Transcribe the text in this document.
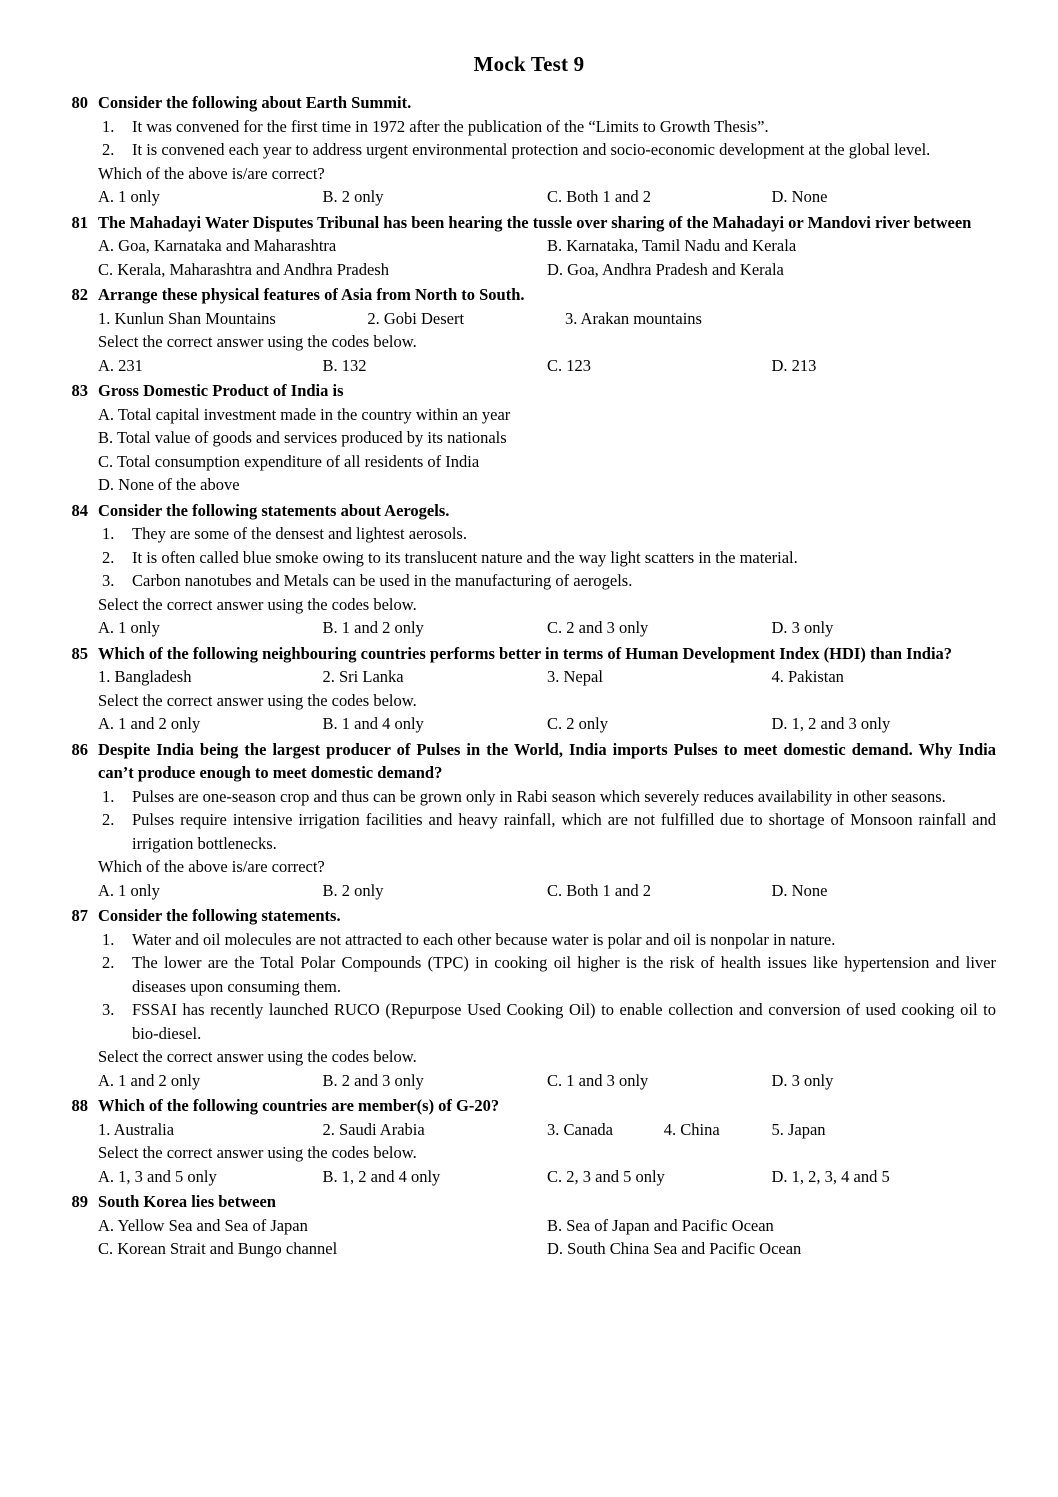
Mock Test 9
80 Consider the following about Earth Summit.
1.	It was convened for the first time in 1972 after the publication of the “Limits to Growth Thesis”.
2.	It is convened each year to address urgent environmental protection and socio-economic development at the global level.
Which of the above is/are correct?
A. 1 only	B. 2 only	C. Both 1 and 2	D. None
81 The Mahadayi Water Disputes Tribunal has been hearing the tussle over sharing of the Mahadayi or Mandovi river between
A. Goa, Karnataka and Maharashtra	B. Karnataka, Tamil Nadu and Kerala
C. Kerala, Maharashtra and Andhra Pradesh	D. Goa, Andhra Pradesh and Kerala
82 Arrange these physical features of Asia from North to South.
1. Kunlun Shan Mountains	2. Gobi Desert	3. Arakan mountains
Select the correct answer using the codes below.
A. 231	B. 132	C. 123	D. 213
83 Gross Domestic Product of India is
A. Total capital investment made in the country within an year
B. Total value of goods and services produced by its nationals
C. Total consumption expenditure of all residents of India
D. None of the above
84 Consider the following statements about Aerogels.
1.	They are some of the densest and lightest aerosols.
2.	It is often called blue smoke owing to its translucent nature and the way light scatters in the material.
3.	Carbon nanotubes and Metals can be used in the manufacturing of aerogels.
Select the correct answer using the codes below.
A. 1 only	B. 1 and 2 only	C. 2 and 3 only	D. 3 only
85 Which of the following neighbouring countries performs better in terms of Human Development Index (HDI) than India?
1. Bangladesh	2. Sri Lanka	3. Nepal	4. Pakistan
Select the correct answer using the codes below.
A. 1 and 2 only	B. 1 and 4 only	C. 2 only	D. 1, 2 and 3 only
86 Despite India being the largest producer of Pulses in the World, India imports Pulses to meet domestic demand. Why India can’t produce enough to meet domestic demand?
1.	Pulses are one-season crop and thus can be grown only in Rabi season which severely reduces availability in other seasons.
2.	Pulses require intensive irrigation facilities and heavy rainfall, which are not fulfilled due to shortage of Monsoon rainfall and irrigation bottlenecks.
Which of the above is/are correct?
A. 1 only	B. 2 only	C. Both 1 and 2	D. None
87 Consider the following statements.
1.	Water and oil molecules are not attracted to each other because water is polar and oil is nonpolar in nature.
2.	The lower are the Total Polar Compounds (TPC) in cooking oil higher is the risk of health issues like hypertension and liver diseases upon consuming them.
3.	FSSAI has recently launched RUCO (Repurpose Used Cooking Oil) to enable collection and conversion of used cooking oil to bio-diesel.
Select the correct answer using the codes below.
A. 1 and 2 only	B. 2 and 3 only	C. 1 and 3 only	D. 3 only
88 Which of the following countries are member(s) of G-20?
1. Australia	2. Saudi Arabia	3. Canada	4. China	5. Japan
Select the correct answer using the codes below.
A. 1, 3 and 5 only	B. 1, 2 and 4 only	C. 2, 3 and 5 only	D. 1, 2, 3, 4 and 5
89 South Korea lies between
A. Yellow Sea and Sea of Japan	B. Sea of Japan and Pacific Ocean
C. Korean Strait and Bungo channel	D. South China Sea and Pacific Ocean
